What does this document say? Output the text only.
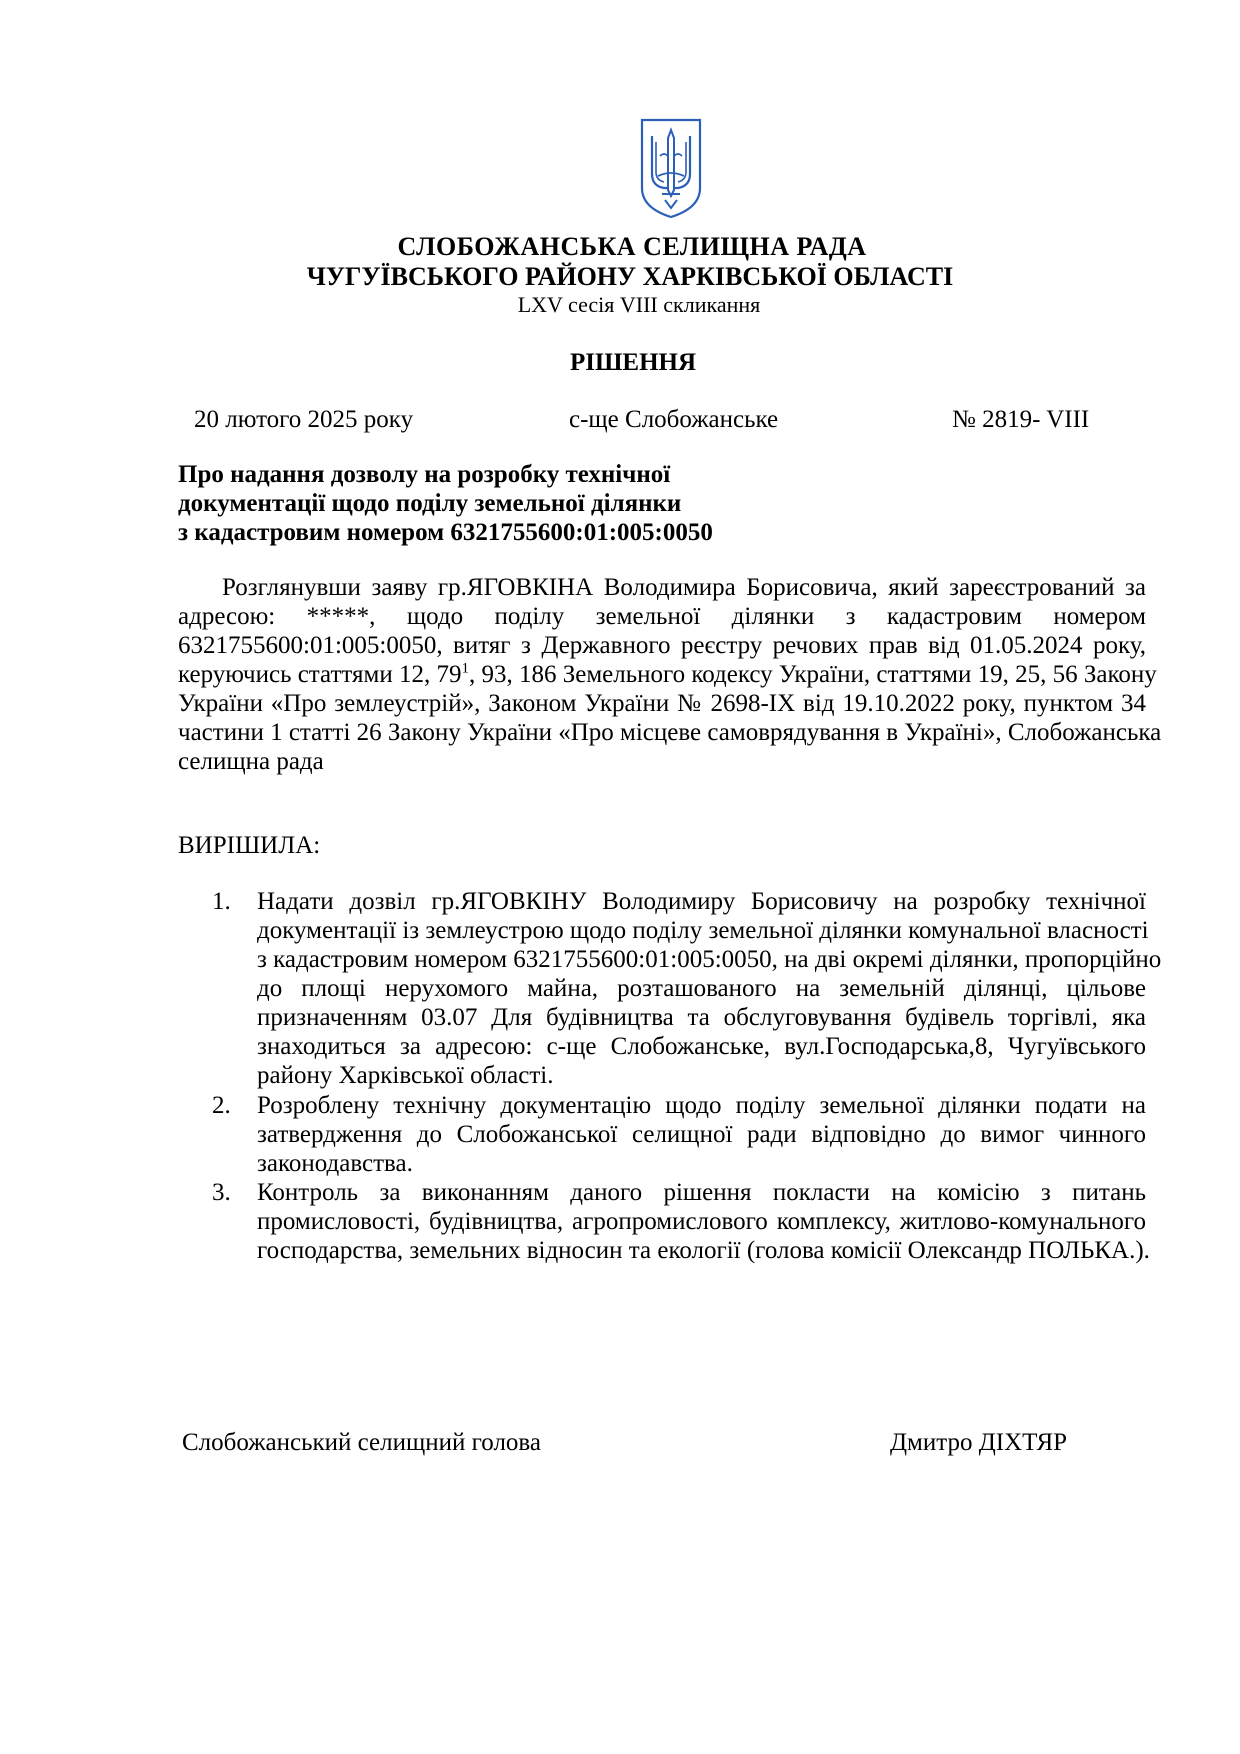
СЛОБОЖАНСЬКА СЕЛИЩНА РАДА
ЧУГУЇВСЬКОГО РАЙОНУ ХАРКІВСЬКОЇ ОБЛАСТІ
LXV сесія VIII скликання
РІШЕННЯ
20 лютого 2025 року	с-ще Слобожанське	№ 2819- VIII
Про надання дозволу на розробку технічної
документації щодо поділу земельної ділянки
з кадастровим номером 6321755600:01:005:0050
Розглянувши заяву гр.ЯГОВКІНА Володимира Борисовича, який зареєстрований за
адресою: *****, щодо поділу земельної ділянки з кадастровим номером
6321755600:01:005:0050, витяг з Державного реєстру речових прав від 01.05.2024 року,
керуючись статтями 12, $79^1$, 93, 186 Земельного кодексу України, статтями 19, 25, 56 Закону
України «Про землеустрій», Законом України № 2698-IX від 19.10.2022 року, пунктом 34
частини 1 статті 26 Закону України «Про місцеве самоврядування в Україні», Слобожанська
селищна рада
ВИРІШИЛА:
1. Надати дозвіл гр.ЯГОВКІНУ Володимиру Борисовичу на розробку технічної
документації із землеустрою щодо поділу земельної ділянки комунальної власності
з кадастровим номером 6321755600:01:005:0050, на дві окремі ділянки, пропорційно
до площі нерухомого майна, розташованого на земельній ділянці, цільове
призначенням 03.07 Для будівництва та обслуговування будівель торгівлі, яка
знаходиться за адресою: с-ще Слобожанське, вул.Господарська,8, Чугуївського
району Харківської області.
2. Розроблену технічну документацію щодо поділу земельної ділянки подати на
затвердження до Слобожанської селищної ради відповідно до вимог чинного
законодавства.
3. Контроль за виконанням даного рішення покласти на комісію з питань
промисловості, будівництва, агропромислового комплексу, житлово-комунального
господарства, земельних відносин та екології (голова комісії Олександр ПОЛЬКА.).
Слобожанський селищний голова	Дмитро ДІХТЯР
